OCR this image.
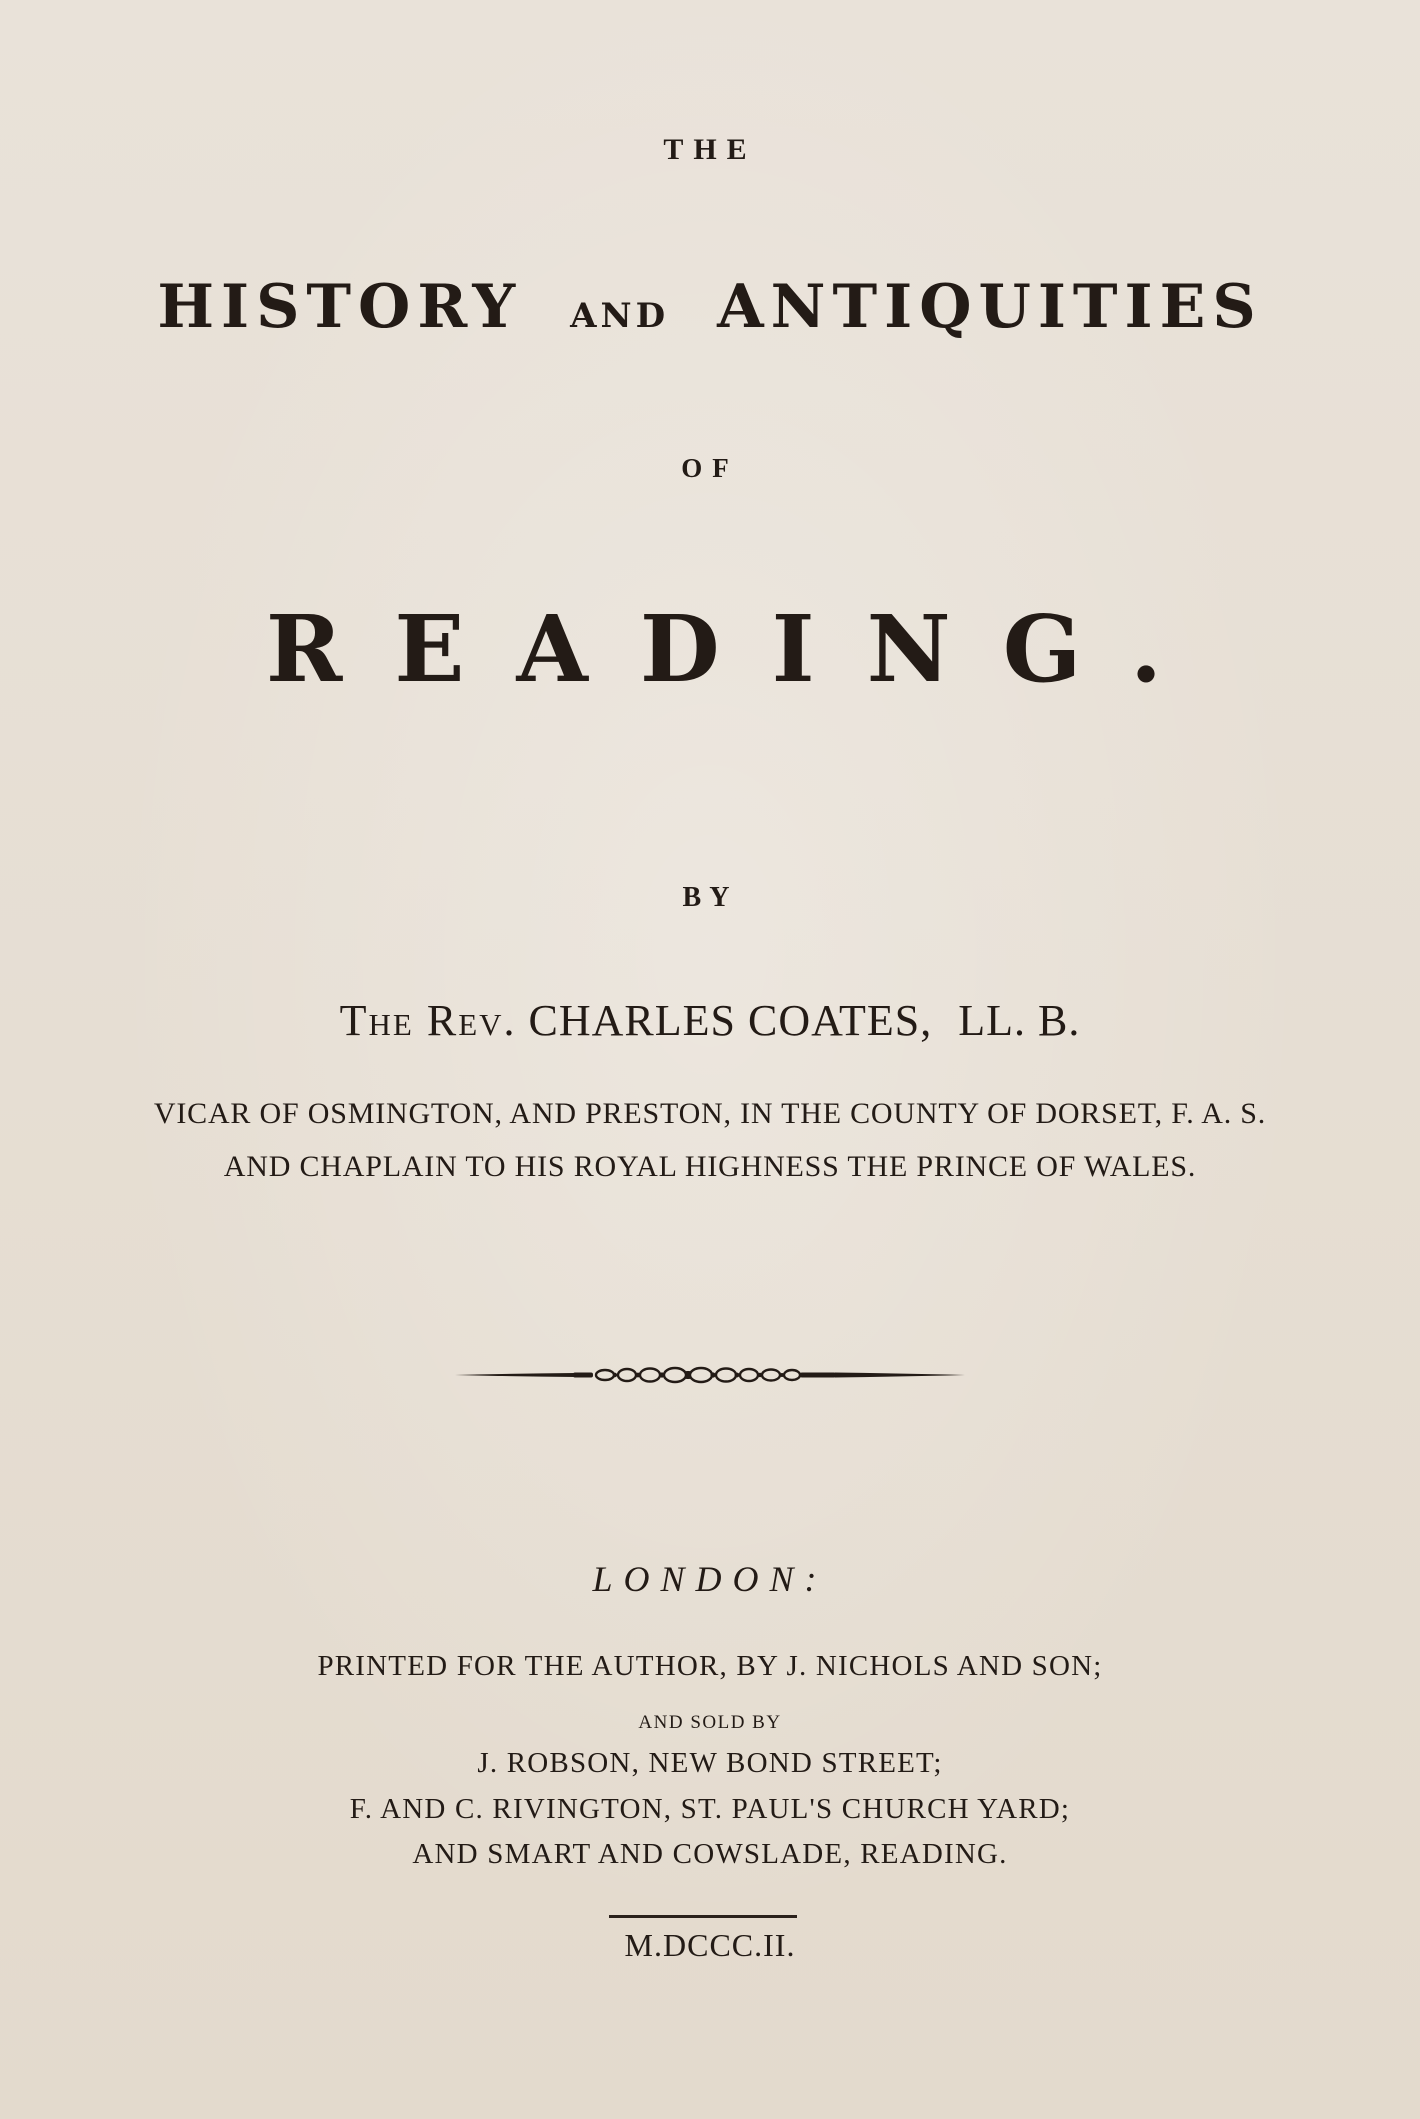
THE
HISTORY AND ANTIQUITIES
OF
READING.
BY
The Rev. CHARLES COATES, LL. B.
VICAR OF OSMINGTON, AND PRESTON, IN THE COUNTY OF DORSET, F. A. S.
AND CHAPLAIN TO HIS ROYAL HIGHNESS THE PRINCE OF WALES.
LONDON:
PRINTED FOR THE AUTHOR, BY J. NICHOLS AND SON;
AND SOLD BY
J. ROBSON, NEW BOND STREET;
F. AND C. RIVINGTON, ST. PAUL'S CHURCH YARD;
AND SMART AND COWSLADE, READING.
M.DCCC.II.
